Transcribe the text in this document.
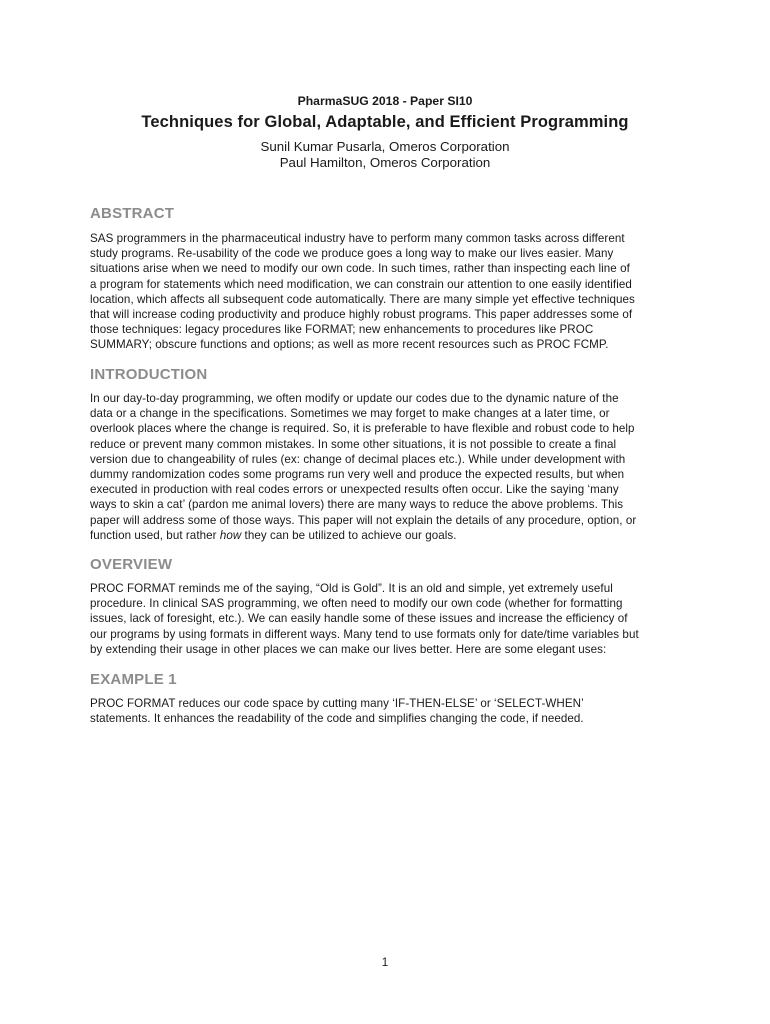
PharmaSUG 2018 - Paper SI10
Techniques for Global, Adaptable, and Efficient Programming
Sunil Kumar Pusarla, Omeros Corporation
Paul Hamilton, Omeros Corporation
ABSTRACT
SAS programmers in the pharmaceutical industry have to perform many common tasks across different
study programs. Re-usability of the code we produce goes a long way to make our lives easier. Many
situations arise when we need to modify our own code. In such times, rather than inspecting each line of
a program for statements which need modification, we can constrain our attention to one easily identified
location, which affects all subsequent code automatically. There are many simple yet effective techniques
that will increase coding productivity and produce highly robust programs. This paper addresses some of
those techniques: legacy procedures like FORMAT; new enhancements to procedures like PROC
SUMMARY; obscure functions and options; as well as more recent resources such as PROC FCMP.
INTRODUCTION
In our day-to-day programming, we often modify or update our codes due to the dynamic nature of the
data or a change in the specifications. Sometimes we may forget to make changes at a later time, or
overlook places where the change is required. So, it is preferable to have flexible and robust code to help
reduce or prevent many common mistakes. In some other situations, it is not possible to create a final
version due to changeability of rules (ex: change of decimal places etc.). While under development with
dummy randomization codes some programs run very well and produce the expected results, but when
executed in production with real codes errors or unexpected results often occur. Like the saying ‘many
ways to skin a cat’ (pardon me animal lovers) there are many ways to reduce the above problems. This
paper will address some of those ways. This paper will not explain the details of any procedure, option, or
function used, but rather how they can be utilized to achieve our goals.
OVERVIEW
PROC FORMAT reminds me of the saying, “Old is Gold”. It is an old and simple, yet extremely useful
procedure. In clinical SAS programming, we often need to modify our own code (whether for formatting
issues, lack of foresight, etc.). We can easily handle some of these issues and increase the efficiency of
our programs by using formats in different ways. Many tend to use formats only for date/time variables but
by extending their usage in other places we can make our lives better. Here are some elegant uses:
EXAMPLE 1
PROC FORMAT reduces our code space by cutting many ‘IF-THEN-ELSE’ or ‘SELECT-WHEN’
statements. It enhances the readability of the code and simplifies changing the code, if needed.
1
